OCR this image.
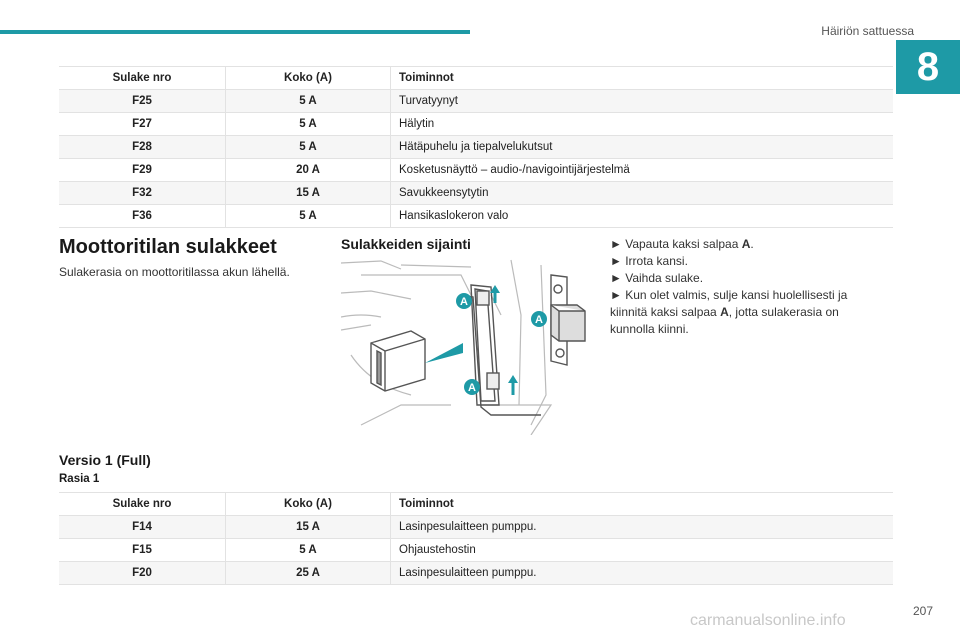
Häiriön sattuessa
8
Sulake nro	Koko (A)	Toiminnot
F25	5 A	Turvatyynyt
F27	5 A	Hälytin
F28	5 A	Hätäpuhelu ja tiepalvelukutsut
F29	20 A	Kosketusnäyttö – audio-/navigointijärjestelmä
F32	15 A	Savukkeensytytin
F36	5 A	Hansikaslokeron valo
Moottoritilan sulakkeet
Sulakerasia on moottoritilassa akun lähellä.
Sulakkeiden sijainti
A
A
A
► Vapauta kaksi salpaa A.
► Irrota kansi.
► Vaihda sulake.
► Kun olet valmis, sulje kansi huolellisesti ja kiinnitä kaksi salpaa A, jotta sulakerasia on kunnolla kiinni.
Versio 1 (Full)
Rasia 1
Sulake nro	Koko (A)	Toiminnot
F14	15 A	Lasinpesulaitteen pumppu.
F15	5 A	Ohjaustehostin
F20	25 A	Lasinpesulaitteen pumppu.
207
carmanualsonline.info
